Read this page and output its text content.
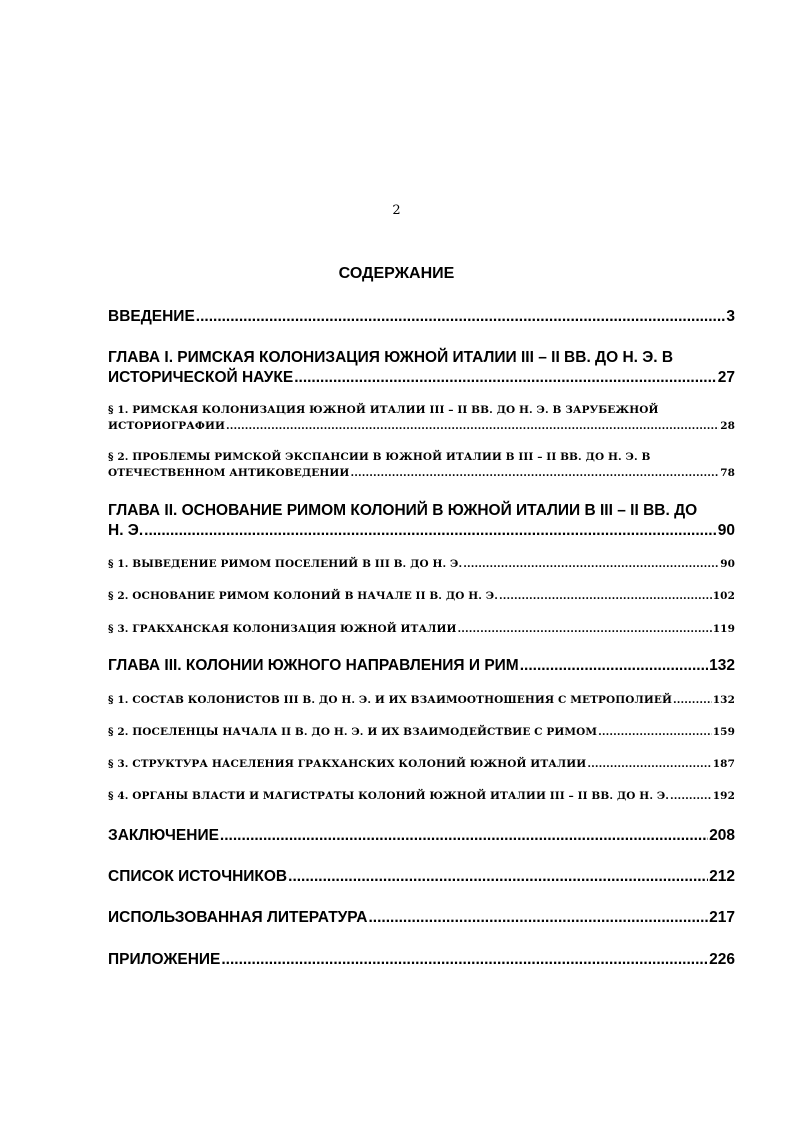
2
СОДЕРЖАНИЕ
ВВЕДЕНИЕ .....	3
ГЛАВА I. РИМСКАЯ КОЛОНИЗАЦИЯ ЮЖНОЙ ИТАЛИИ III – II ВВ. ДО Н. Э. В
ИСТОРИЧЕСКОЙ НАУКЕ .....	27
§ 1. РИМСКАЯ КОЛОНИЗАЦИЯ ЮЖНОЙ ИТАЛИИ III – II ВВ. ДО Н. Э. В ЗАРУБЕЖНОЙ
ИСТОРИОГРАФИИ .....	28
§ 2. ПРОБЛЕМЫ РИМСКОЙ ЭКСПАНСИИ В ЮЖНОЙ ИТАЛИИ В III – II ВВ. ДО Н. Э. В
ОТЕЧЕСТВЕННОМ АНТИКОВЕДЕНИИ .....	78
ГЛАВА II. ОСНОВАНИЕ РИМОМ КОЛОНИЙ В ЮЖНОЙ ИТАЛИИ В III – II ВВ. ДО
Н. Э. .....	90
§ 1. ВЫВЕДЕНИЕ РИМОМ ПОСЕЛЕНИЙ В III В. ДО Н. Э. .....	90
§ 2. ОСНОВАНИЕ РИМОМ КОЛОНИЙ В НАЧАЛЕ II В. ДО Н. Э. .....	102
§ 3. ГРАКХАНСКАЯ КОЛОНИЗАЦИЯ ЮЖНОЙ ИТАЛИИ .....	119
ГЛАВА III. КОЛОНИИ ЮЖНОГО НАПРАВЛЕНИЯ И РИМ .....	132
§ 1. СОСТАВ КОЛОНИСТОВ III В. ДО Н. Э. И ИХ ВЗАИМООТНОШЕНИЯ С МЕТРОПОЛИЕЙ .....	132
§ 2. ПОСЕЛЕНЦЫ НАЧАЛА II В. ДО Н. Э. И ИХ ВЗАИМОДЕЙСТВИЕ С РИМОМ .....	159
§ 3. СТРУКТУРА НАСЕЛЕНИЯ ГРАКХАНСКИХ КОЛОНИЙ ЮЖНОЙ ИТАЛИИ .....	187
§ 4. ОРГАНЫ ВЛАСТИ И МАГИСТРАТЫ КОЛОНИЙ ЮЖНОЙ ИТАЛИИ III – II ВВ. ДО Н. Э. .....	192
ЗАКЛЮЧЕНИЕ .....	208
СПИСОК ИСТОЧНИКОВ .....	212
ИСПОЛЬЗОВАННАЯ ЛИТЕРАТУРА .....	217
ПРИЛОЖЕНИЕ .....	226
